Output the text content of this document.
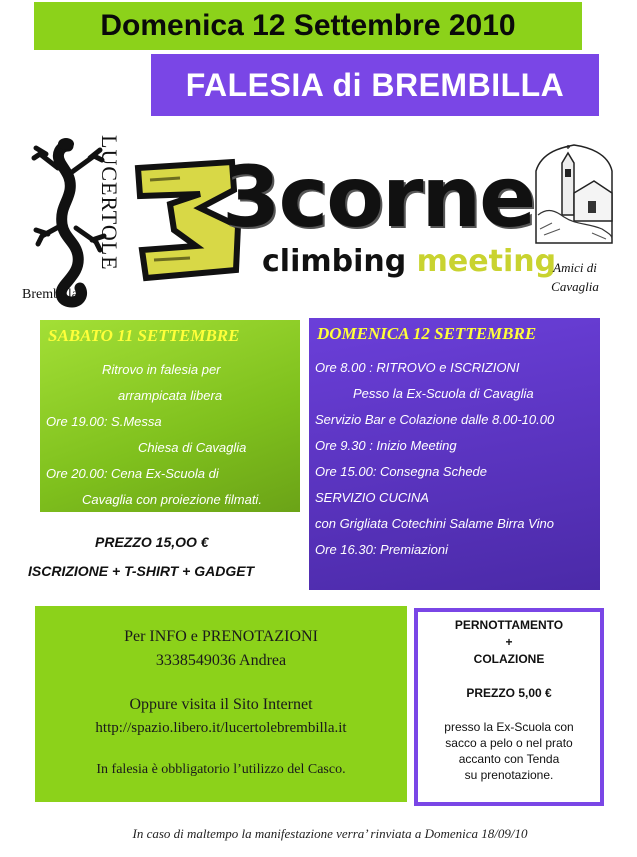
Domenica 12 Settembre 2010
FALESIA di BREMBILLA
LUCERTOLE
Brembilla
3corne
climbing meeting
Amici di
Cavaglia
SABATO 11 SETTEMBRE
Ritrovo in falesia per
arrampicata libera
Ore 19.00: S.Messa
Chiesa di Cavaglia
Ore 20.00: Cena Ex-Scuola di
Cavaglia con proiezione filmati.
DOMENICA 12 SETTEMBRE
Ore 8.00 : RITROVO e ISCRIZIONI
Pesso la Ex-Scuola di Cavaglia
Servizio Bar e Colazione dalle 8.00-10.00
Ore 9.30 : Inizio Meeting
Ore 15.00: Consegna Schede
SERVIZIO CUCINA
con Grigliata Cotechini Salame Birra Vino
Ore 16.30: Premiazioni
PREZZO 15,OO €
ISCRIZIONE + T-SHIRT + GADGET
Per INFO e PRENOTAZIONI
3338549036 Andrea
Oppure visita il Sito Internet
http://spazio.libero.it/lucertolebrembilla.it
In falesia è obbligatorio l’utilizzo del Casco.
PERNOTTAMENTO
+
COLAZIONE
PREZZO 5,00 €
presso la Ex-Scuola con
sacco a pelo o nel prato
accanto con Tenda
su prenotazione.
In caso di maltempo la manifestazione verra’ rinviata a Domenica 18/09/10
